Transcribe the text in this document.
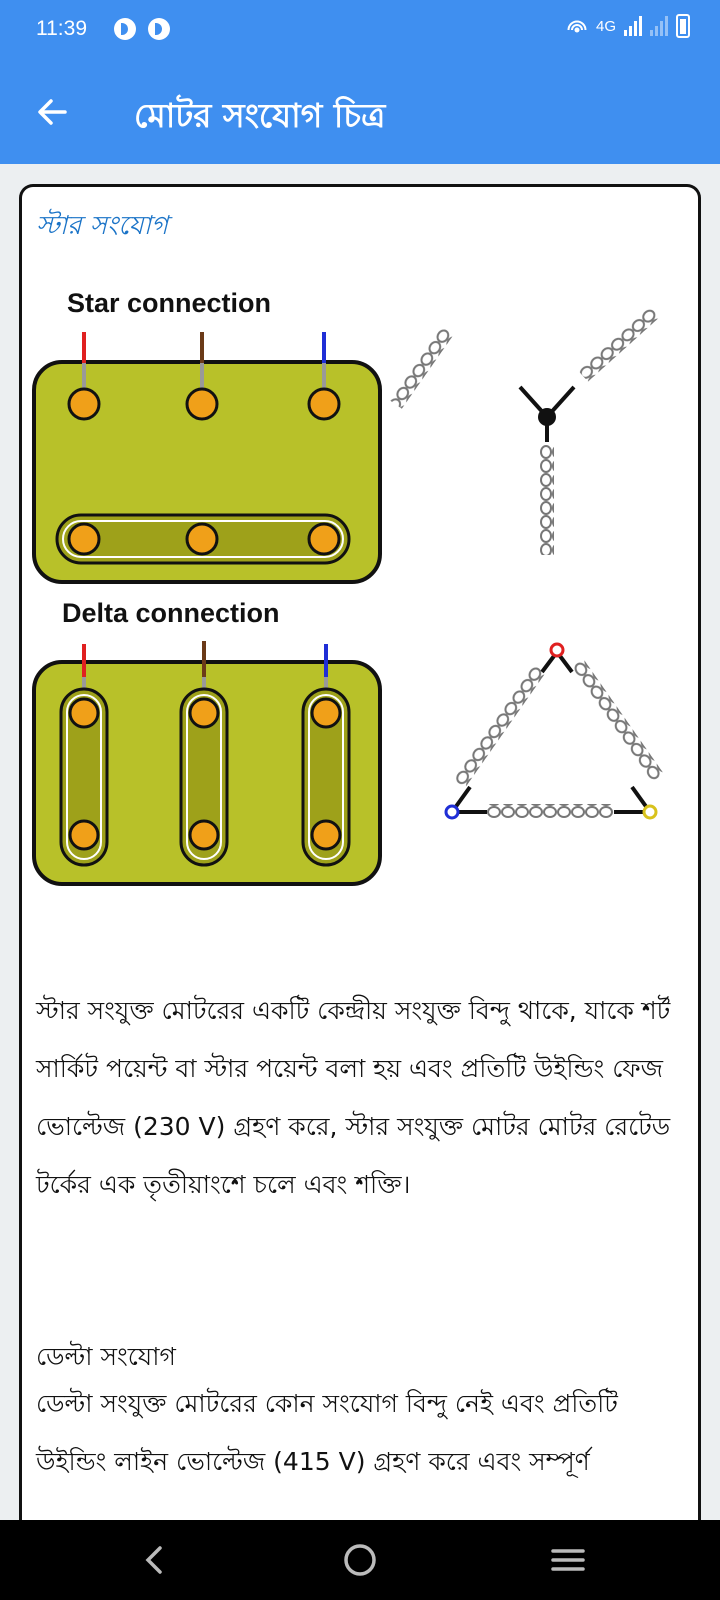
11:39	4G
মোটর সংযোগ চিত্র
স্টার সংযোগ
Star connection
Delta connection
স্টার সংযুক্ত মোটরের একটি কেন্দ্রীয় সংযুক্ত বিন্দু থাকে, যাকে শর্ট সার্কিট পয়েন্ট বা স্টার পয়েন্ট বলা হয় এবং প্রতিটি উইন্ডিং ফেজ ভোল্টেজ (230 V) গ্রহণ করে, স্টার সংযুক্ত মোটর মোটর রেটেড টর্কের এক তৃতীয়াংশে চলে এবং শক্তি।
ডেল্টা সংযোগ
ডেল্টা সংযুক্ত মোটরের কোন সংযোগ বিন্দু নেই এবং প্রতিটি উইন্ডিং লাইন ভোল্টেজ (415 V) গ্রহণ করে এবং সম্পূর্ণ
